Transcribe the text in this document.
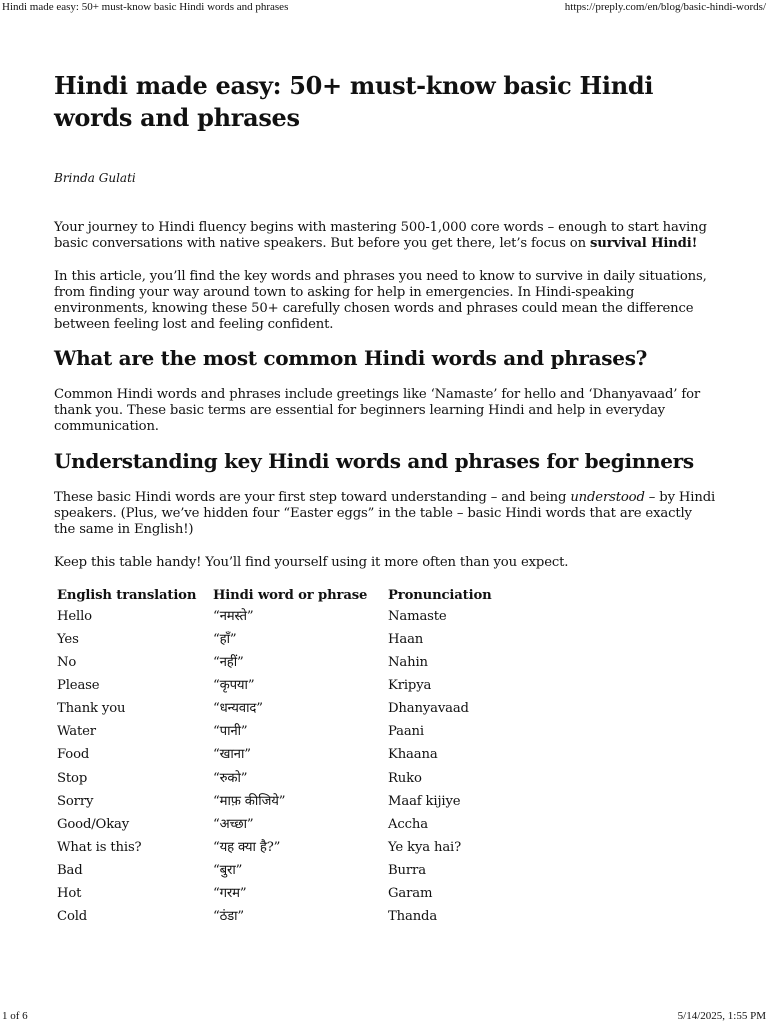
Hindi made easy: 50+ must-know basic Hindi words and phrases	https://preply.com/en/blog/basic-hindi-words/
Hindi made easy: 50+ must-know basic Hindi words and phrases
Brinda Gulati

Your journey to Hindi fluency begins with mastering 500-1,000 core words – enough to start having basic conversations with native speakers. But before you get there, let’s focus on survival Hindi!

In this article, you’ll find the key words and phrases you need to know to survive in daily situations, from finding your way around town to asking for help in emergencies. In Hindi-speaking environments, knowing these 50+ carefully chosen words and phrases could mean the difference between feeling lost and feeling confident.

What are the most common Hindi words and phrases?

Common Hindi words and phrases include greetings like ‘Namaste’ for hello and ‘Dhanyavaad’ for thank you. These basic terms are essential for beginners learning Hindi and help in everyday communication.

Understanding key Hindi words and phrases for beginners

These basic Hindi words are your first step toward understanding – and being understood – by Hindi speakers. (Plus, we’ve hidden four “Easter eggs” in the table – basic Hindi words that are exactly the same in English!)

Keep this table handy! You’ll find yourself using it more often than you expect.

English translation	Hindi word or phrase	Pronunciation
Hello	“नमस्ते”	Namaste
Yes	“हाँ”	Haan
No	“नहीं”	Nahin
Please	“कृपया”	Kripya
Thank you	“धन्यवाद”	Dhanyavaad
Water	“पानी”	Paani
Food	“खाना”	Khaana
Stop	“रुको”	Ruko
Sorry	“माफ़ कीजिये”	Maaf kijiye
Good/Okay	“अच्छा”	Accha
What is this?	“यह क्या है?”	Ye kya hai?
Bad	“बुरा”	Burra
Hot	“गरम”	Garam
Cold	“ठंडा”	Thanda
1 of 6	5/14/2025, 1:55 PM
